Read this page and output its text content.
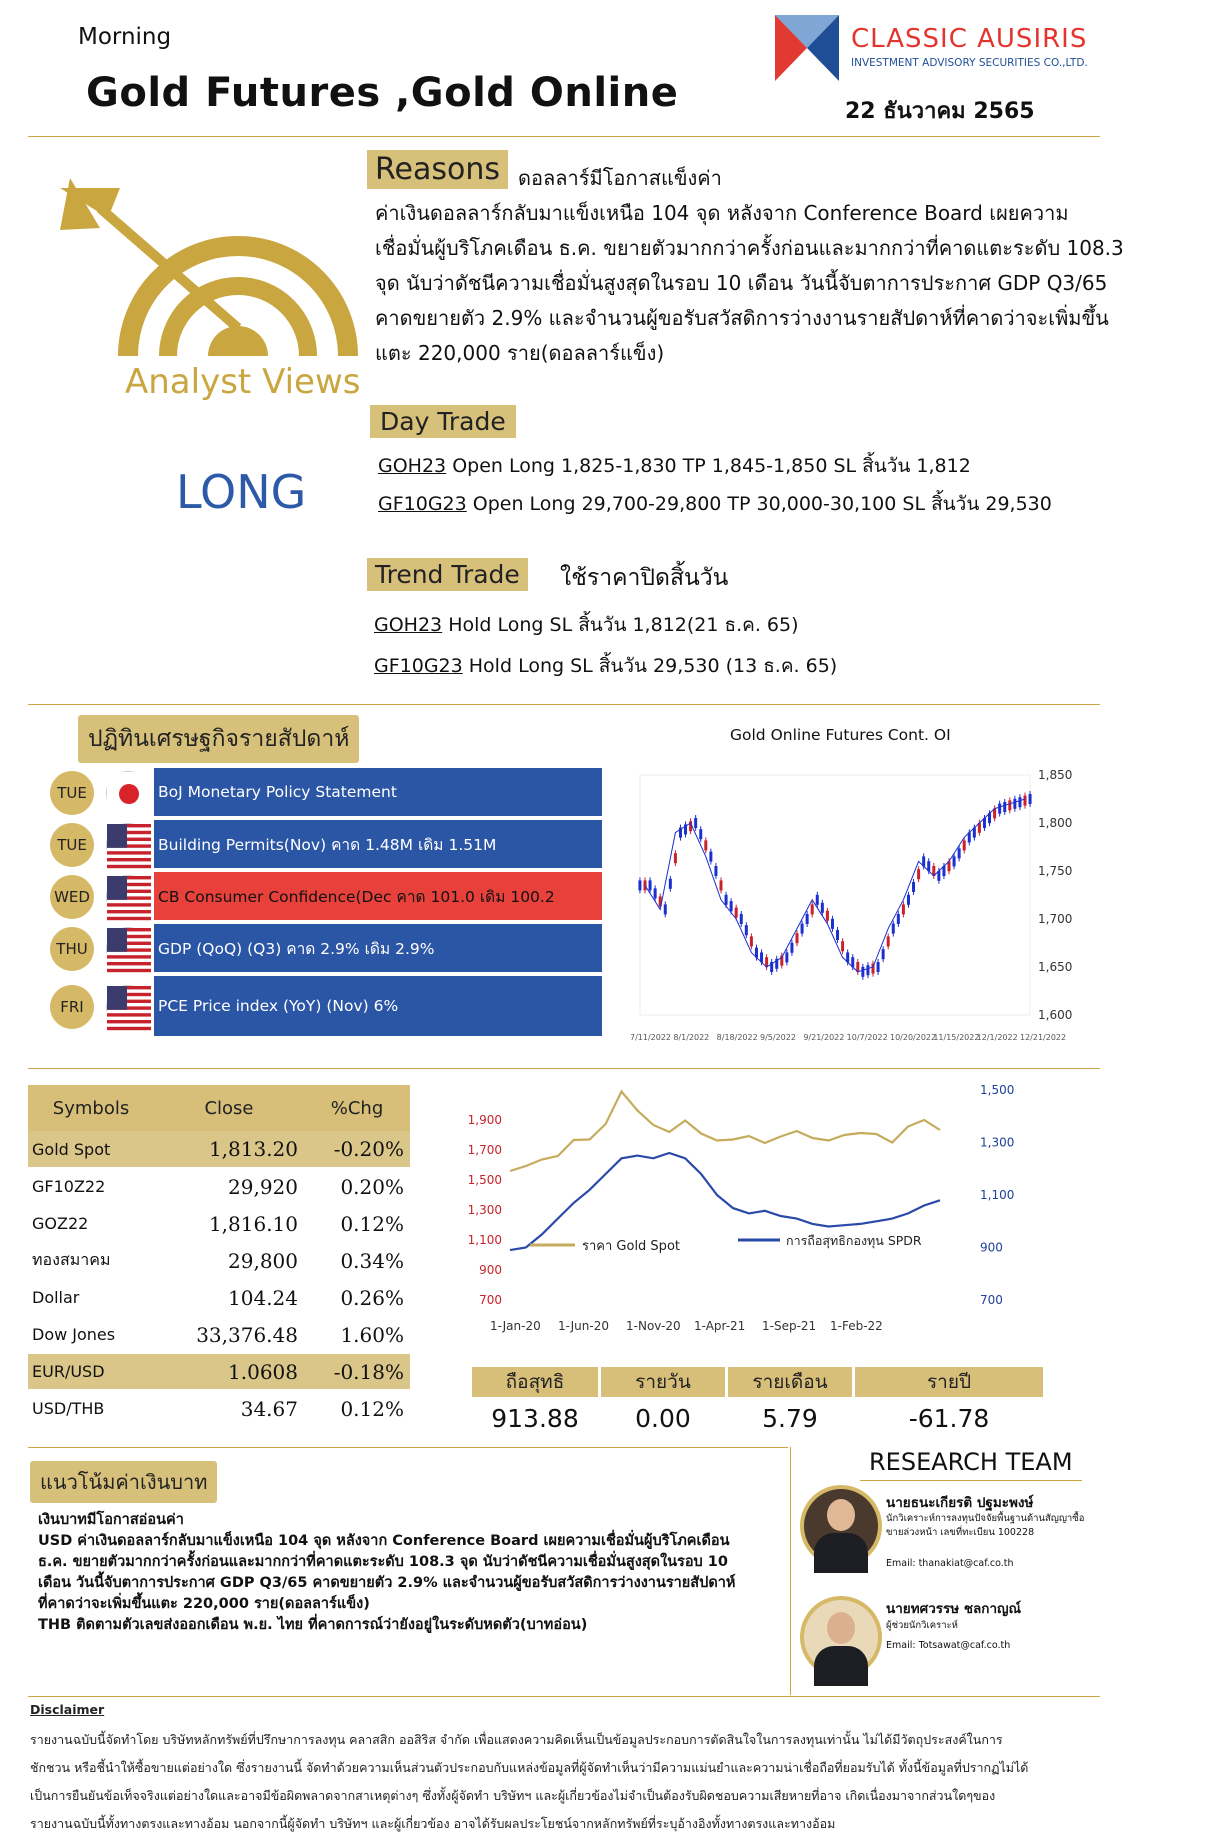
Morning
Gold Futures ,Gold Online
CLASSIC AUSIRIS
INVESTMENT ADVISORY SECURITIES CO.,LTD.
22 ธันวาคม 2565
Analyst Views
LONG
Reasons ดอลลาร์มีโอกาสแข็งค่า
ค่าเงินดอลลาร์กลับมาแข็งเหนือ 104 จุด หลังจาก Conference Board เผยความ
เชื่อมั่นผู้บริโภคเดือน ธ.ค. ขยายตัวมากกว่าครั้งก่อนและมากกว่าที่คาดแตะระดับ 108.3
จุด นับว่าดัชนีความเชื่อมั่นสูงสุดในรอบ 10 เดือน วันนี้จับตาการประกาศ GDP Q3/65
คาดขยายตัว 2.9% และจำนวนผู้ขอรับสวัสดิการว่างงานรายสัปดาห์ที่คาดว่าจะเพิ่มขึ้น
แตะ 220,000 ราย(ดอลลาร์แข็ง)
Day Trade
GOH23 Open Long 1,825-1,830 TP 1,845-1,850 SL สิ้นวัน 1,812
GF10G23 Open Long 29,700-29,800 TP 30,000-30,100 SL สิ้นวัน 29,530
Trend Trade	ใช้ราคาปิดสิ้นวัน
GOH23 Hold Long SL สิ้นวัน 1,812(21 ธ.ค. 65)
GF10G23 Hold Long SL สิ้นวัน 29,530 (13 ธ.ค. 65)
ปฏิทินเศรษฐกิจรายสัปดาห์
TUE	BoJ Monetary Policy Statement
TUE	Building Permits(Nov) คาด 1.48M เดิม 1.51M
WED	CB Consumer Confidence(Dec คาด 101.0 เดิม 100.2
THU	GDP (QoQ) (Q3) คาด 2.9% เดิม 2.9%
FRI	PCE Price index (YoY) (Nov) 6%
Gold Online Futures Cont. OI
1,850
1,800
1,750
1,700
1,650
1,600
7/11/2022 8/1/2022 8/18/2022 9/5/2022 9/21/2022 10/7/2022 10/20/2022
11/15/2022
12/1/2022 12/21/2022
Symbols	Close	%Chg
Gold Spot	1,813.20	-0.20%
GF10Z22	29,920	0.20%
GOZ22	1,816.10	0.12%
ทองสมาคม	29,800	0.34%
Dollar	104.24	0.26%
Dow Jones	33,376.48	1.60%
EUR/USD	1.0608	-0.18%
USD/THB	34.67	0.12%
1,900
1,700
1,500
1,300
1,100
900
700
1,500
1,300
1,100
900
700
1-Jan-20 1-Jun-20 1-Nov-20 1-Apr-21 1-Sep-21 1-Feb-22
ราคา Gold Spot	การถือสุทธิกองทุน SPDR
ถือสุทธิ	รายวัน	รายเดือน	รายปี
913.88	0.00	5.79	-61.78
แนวโน้มค่าเงินบาท
เงินบาทมีโอกาสอ่อนค่า
USD ค่าเงินดอลลาร์กลับมาแข็งเหนือ 104 จุด หลังจาก Conference Board เผยความเชื่อมั่นผู้บริโภคเดือน
ธ.ค. ขยายตัวมากกว่าครั้งก่อนและมากกว่าที่คาดแตะระดับ 108.3 จุด นับว่าดัชนีความเชื่อมั่นสูงสุดในรอบ 10
เดือน วันนี้จับตาการประกาศ GDP Q3/65 คาดขยายตัว 2.9% และจำนวนผู้ขอรับสวัสดิการว่างงานรายสัปดาห์
ที่คาดว่าจะเพิ่มขึ้นแตะ 220,000 ราย(ดอลลาร์แข็ง)
THB ติดตามตัวเลขส่งออกเดือน พ.ย. ไทย ที่คาดการณ์ว่ายังอยู่ในระดับหดตัว(บาทอ่อน)
RESEARCH TEAM
นายธนะเกียรติ ปฐมะพงษ์
นักวิเคราะห์การลงทุนปัจจัยพื้นฐานด้านสัญญาซื้อขายล่วงหน้า เลขที่ทะเบียน 100228
Email: thanakiat@caf.co.th
นายทศวรรษ ชลกาญณ์
ผู้ช่วยนักวิเคราะห์
Email: Totsawat@caf.co.th
Disclaimer
รายงานฉบับนี้จัดทำโดย บริษัทหลักทรัพย์ที่ปรึกษาการลงทุน คลาสสิก ออสิริส จำกัด เพื่อแสดงความคิดเห็นเป็นข้อมูลประกอบการตัดสินใจในการลงทุนเท่านั้น ไม่ได้มีวัตถุประสงค์ในการ
ชักชวน หรือชี้นำให้ซื้อขายแต่อย่างใด ซึ่งรายงานนี้ จัดทำด้วยความเห็นส่วนตัวประกอบกับแหล่งข้อมูลที่ผู้จัดทำเห็นว่ามีความแม่นยำและความน่าเชื่อถือที่ยอมรับได้ ทั้งนี้ข้อมูลที่ปรากฏไม่ได้
เป็นการยืนยันข้อเท็จจริงแต่อย่างใดและอาจมีข้อผิดพลาดจากสาเหตุต่างๆ ซึ่งทั้งผู้จัดทำ บริษัทฯ และผู้เกี่ยวข้องไม่จำเป็นต้องรับผิดชอบความเสียหายที่อาจ เกิดเนื่องมาจากส่วนใดๆของ
รายงานฉบับนี้ทั้งทางตรงและทางอ้อม นอกจากนี้ผู้จัดทำ บริษัทฯ และผู้เกี่ยวข้อง อาจได้รับผลประโยชน์จากหลักทรัพย์ที่ระบุอ้างอิงทั้งทางตรงและทางอ้อม
